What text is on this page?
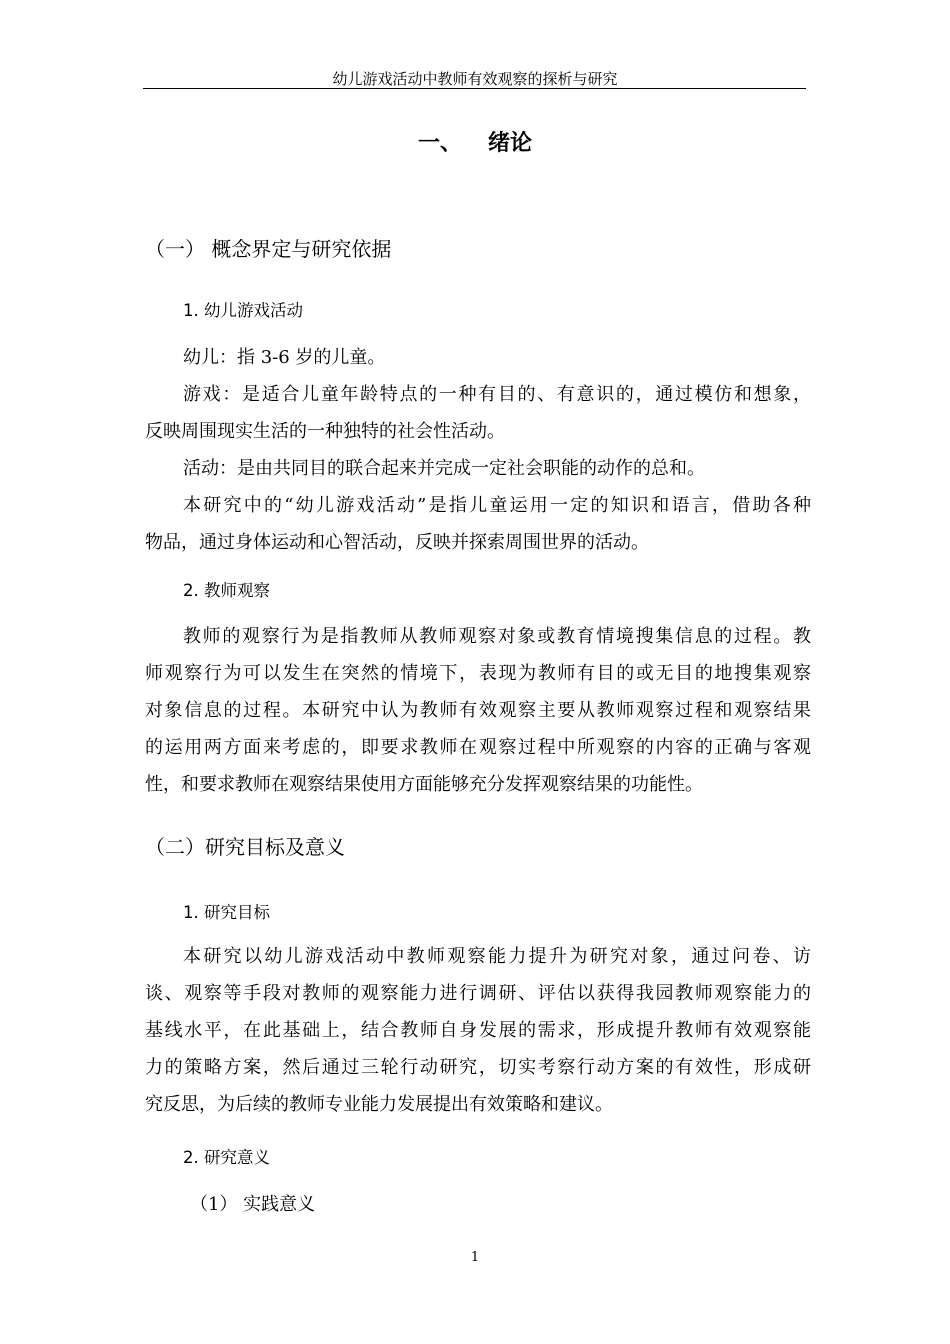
幼儿游戏活动中教师有效观察的探析与研究
一、 绪论
（一） 概念界定与研究依据
1. 幼儿游戏活动
幼儿：指 3-6 岁的儿童。
游戏：是适合儿童年龄特点的一种有目的、有意识的，通过模仿和想象，
反映周围现实生活的一种独特的社会性活动。
活动：是由共同目的联合起来并完成一定社会职能的动作的总和。
本研究中的“幼儿游戏活动”是指儿童运用一定的知识和语言，借助各种
物品，通过身体运动和心智活动，反映并探索周围世界的活动。
2. 教师观察
教师的观察行为是指教师从教师观察对象或教育情境搜集信息的过程。教
师观察行为可以发生在突然的情境下，表现为教师有目的或无目的地搜集观察
对象信息的过程。本研究中认为教师有效观察主要从教师观察过程和观察结果
的运用两方面来考虑的，即要求教师在观察过程中所观察的内容的正确与客观
性，和要求教师在观察结果使用方面能够充分发挥观察结果的功能性。
（二）研究目标及意义
1. 研究目标
本研究以幼儿游戏活动中教师观察能力提升为研究对象，通过问卷、访
谈、观察等手段对教师的观察能力进行调研、评估以获得我园教师观察能力的
基线水平，在此基础上，结合教师自身发展的需求，形成提升教师有效观察能
力的策略方案，然后通过三轮行动研究，切实考察行动方案的有效性，形成研
究反思，为后续的教师专业能力发展提出有效策略和建议。
2. 研究意义
（1） 实践意义
1
